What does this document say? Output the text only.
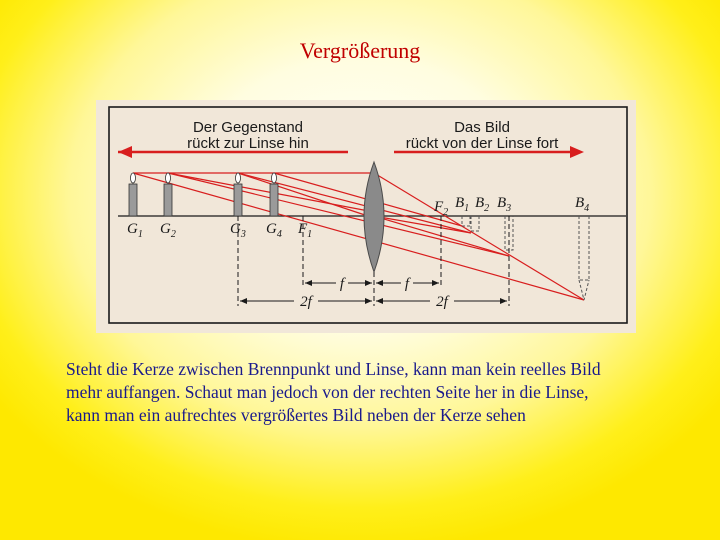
Vergrößerung
Der Gegenstand
rückt zur Linse hin
Das Bild
rückt von der Linse fort
f	f
2f	2f
$G_1$ $G_2$	$G_3$ $G_4$ $F_1$
$F_2$
$B_1$ $B_2$ $B_3$	$B_4$
Steht die Kerze zwischen Brennpunkt und Linse, kann man kein reelles Bild
mehr auffangen. Schaut man jedoch von der rechten Seite her in die Linse,
kann man ein aufrechtes vergrößertes Bild neben der Kerze sehen
